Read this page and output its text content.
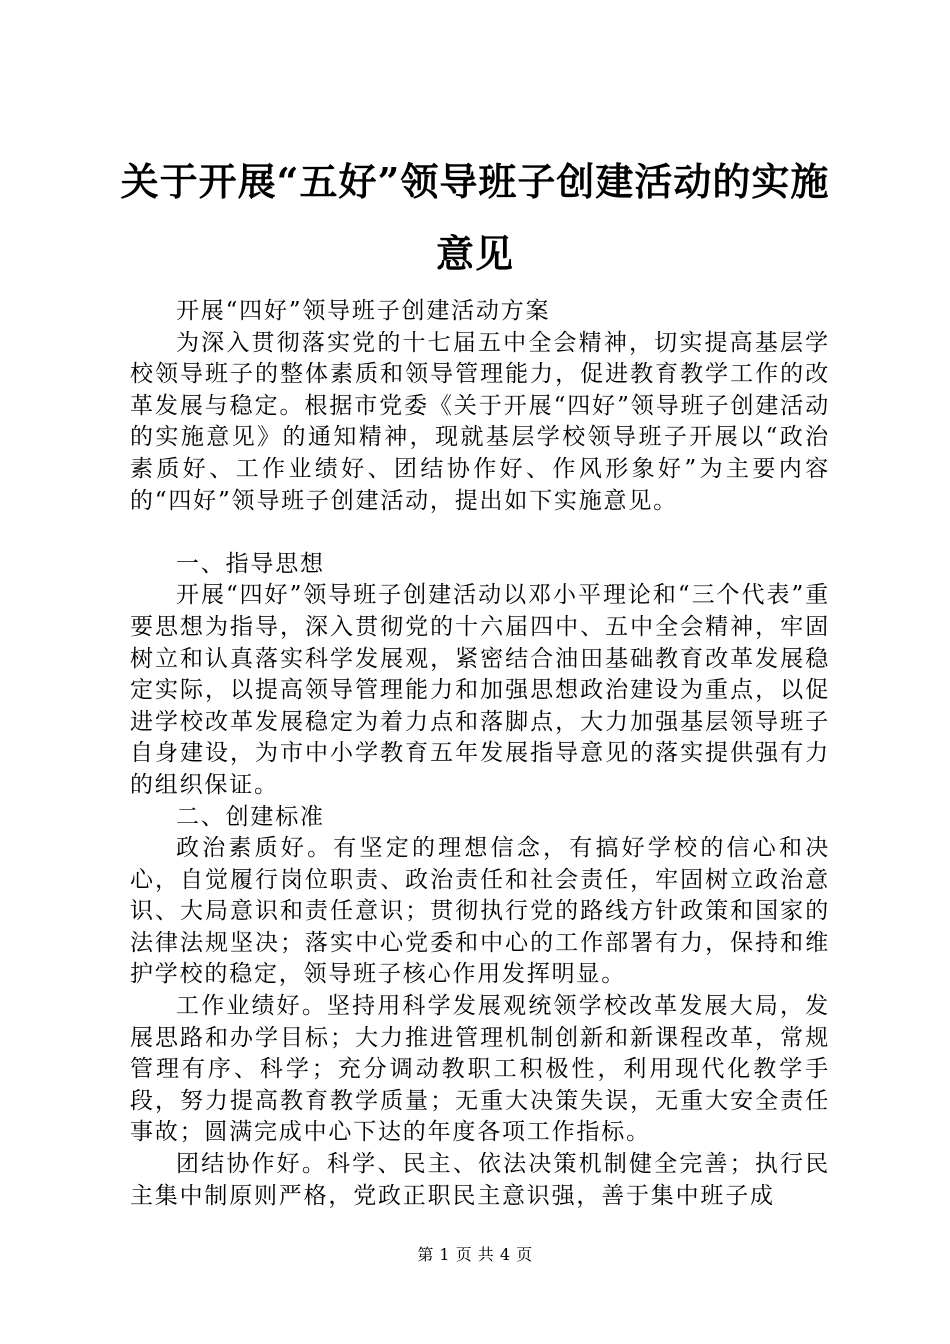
关于开展“五好”领导班子创建活动的实施意见

开展“四好”领导班子创建活动方案

为深入贯彻落实党的十七届五中全会精神，切实提高基层学校领导班子的整体素质和领导管理能力，促进教育教学工作的改革发展与稳定。根据市党委《关于开展“四好”领导班子创建活动的实施意见》的通知精神，现就基层学校领导班子开展以“政治素质好、工作业绩好、团结协作好、作风形象好”为主要内容的“四好”领导班子创建活动，提出如下实施意见。

一、指导思想

开展“四好”领导班子创建活动以邓小平理论和“三个代表”重要思想为指导，深入贯彻党的十六届四中、五中全会精神，牢固树立和认真落实科学发展观，紧密结合油田基础教育改革发展稳定实际，以提高领导管理能力和加强思想政治建设为重点，以促进学校改革发展稳定为着力点和落脚点，大力加强基层领导班子自身建设，为市中小学教育五年发展指导意见的落实提供强有力的组织保证。

二、创建标准

政治素质好。有坚定的理想信念，有搞好学校的信心和决心，自觉履行岗位职责、政治责任和社会责任，牢固树立政治意识、大局意识和责任意识；贯彻执行党的路线方针政策和国家的法律法规坚决；落实中心党委和中心的工作部署有力，保持和维护学校的稳定，领导班子核心作用发挥明显。

工作业绩好。坚持用科学发展观统领学校改革发展大局，发展思路和办学目标；大力推进管理机制创新和新课程改革，常规管理有序、科学；充分调动教职工积极性，利用现代化教学手段，努力提高教育教学质量；无重大决策失误，无重大安全责任事故；圆满完成中心下达的年度各项工作指标。

团结协作好。科学、民主、依法决策机制健全完善；执行民主集中制原则严格，党政正职民主意识强，善于集中班子成

第 1 页 共 4 页
